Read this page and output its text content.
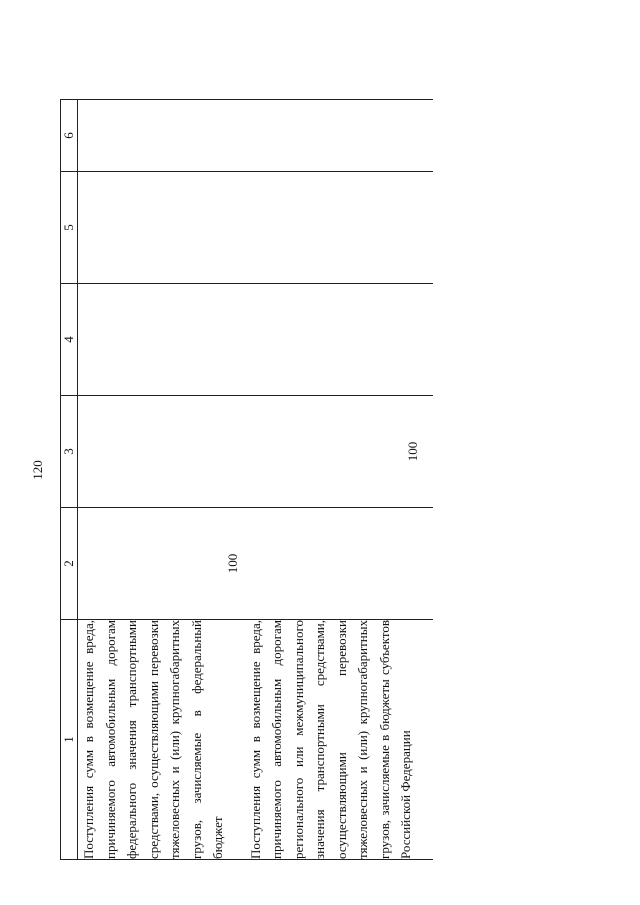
120
1	2	3	4	5	6

Поступления сумм в возмещение вреда, причиняемого автомобильным дорогам федерального значения транспортными средствами, осуществляющими перевозки тяжеловесных и (или) крупногабаритных грузов, зачисляемые в федеральный бюджет	100				

Поступления сумм в возмещение вреда, причиняемого автомобильным дорогам регионального или межмуниципального значения транспортными средствами, осуществляющими перевозки тяжеловесных и (или) крупногабаритных грузов, зачисляемые в бюджеты субъектов Российской Федерации		100			
